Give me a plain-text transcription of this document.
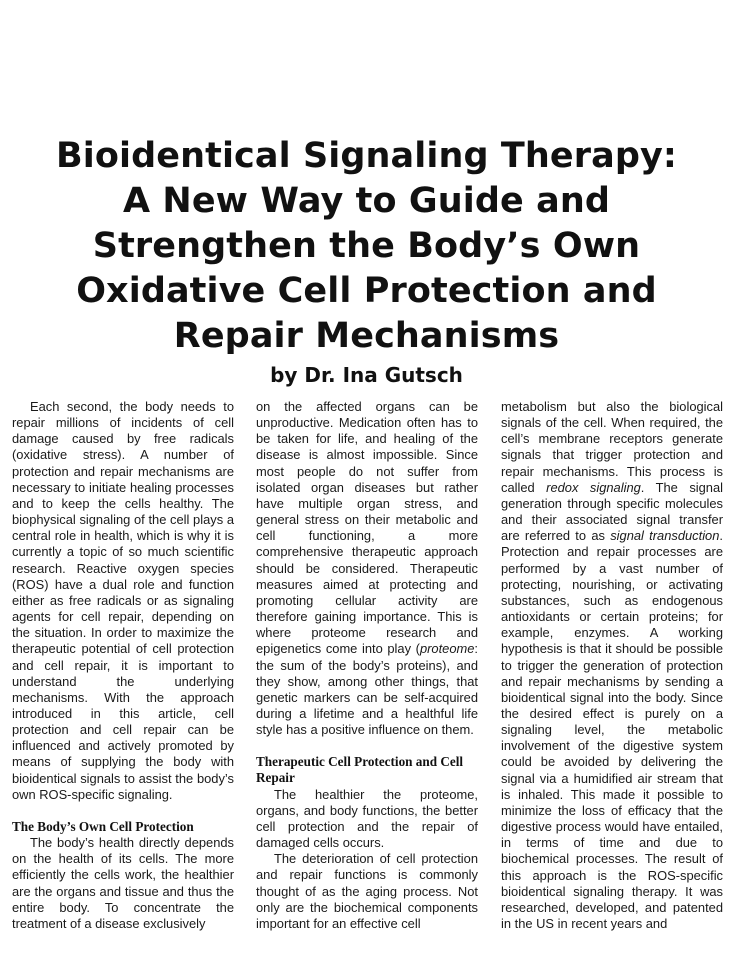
Bioidentical Signaling Therapy:
A New Way to Guide and
Strengthen the Body’s Own
Oxidative Cell Protection and
Repair Mechanisms
by Dr. Ina Gutsch

Each second, the body needs to repair millions of incidents of cell damage caused by free radicals (oxidative stress). A number of protection and repair mechanisms are necessary to initiate healing processes and to keep the cells healthy. The biophysical signaling of the cell plays a central role in health, which is why it is currently a topic of so much scientific research. Reactive oxygen species (ROS) have a dual role and function either as free radicals or as signaling agents for cell repair, depending on the situation. In order to maximize the therapeutic potential of cell protection and cell repair, it is important to understand the underlying mechanisms. With the approach introduced in this article, cell protection and cell repair can be influenced and actively promoted by means of supplying the body with bioidentical signals to assist the body’s own ROS-specific signaling.

The Body’s Own Cell Protection

The body’s health directly depends on the health of its cells. The more efficiently the cells work, the healthier are the organs and tissue and thus the entire body. To concentrate the treatment of a disease exclusively

on the affected organs can be unproductive. Medication often has to be taken for life, and healing of the disease is almost impossible. Since most people do not suffer from isolated organ diseases but rather have multiple organ stress, and general stress on their metabolic and cell functioning, a more comprehensive therapeutic approach should be considered. Therapeutic measures aimed at protecting and promoting cellular activity are therefore gaining importance. This is where proteome research and epigenetics come into play (proteome: the sum of the body’s proteins), and they show, among other things, that genetic markers can be self-acquired during a lifetime and a healthful life style has a positive influence on them.

Therapeutic Cell Protection and Cell Repair

The healthier the proteome, organs, and body functions, the better cell protection and the repair of damaged cells occurs.

The deterioration of cell protection and repair functions is commonly thought of as the aging process. Not only are the biochemical components important for an effective cell

metabolism but also the biological signals of the cell. When required, the cell’s membrane receptors generate signals that trigger protection and repair mechanisms. This process is called redox signaling. The signal generation through specific molecules and their associated signal transfer are referred to as signal transduction. Protection and repair processes are performed by a vast number of protecting, nourishing, or activating substances, such as endogenous antioxidants or certain proteins; for example, enzymes. A working hypothesis is that it should be possible to trigger the generation of protection and repair mechanisms by sending a bioidentical signal into the body. Since the desired effect is purely on a signaling level, the metabolic involvement of the digestive system could be avoided by delivering the signal via a humidified air stream that is inhaled. This made it possible to minimize the loss of efficacy that the digestive process would have entailed, in terms of time and due to biochemical processes. The result of this approach is the ROS-specific bioidentical signaling therapy. It was researched, developed, and patented in the US in recent years and
